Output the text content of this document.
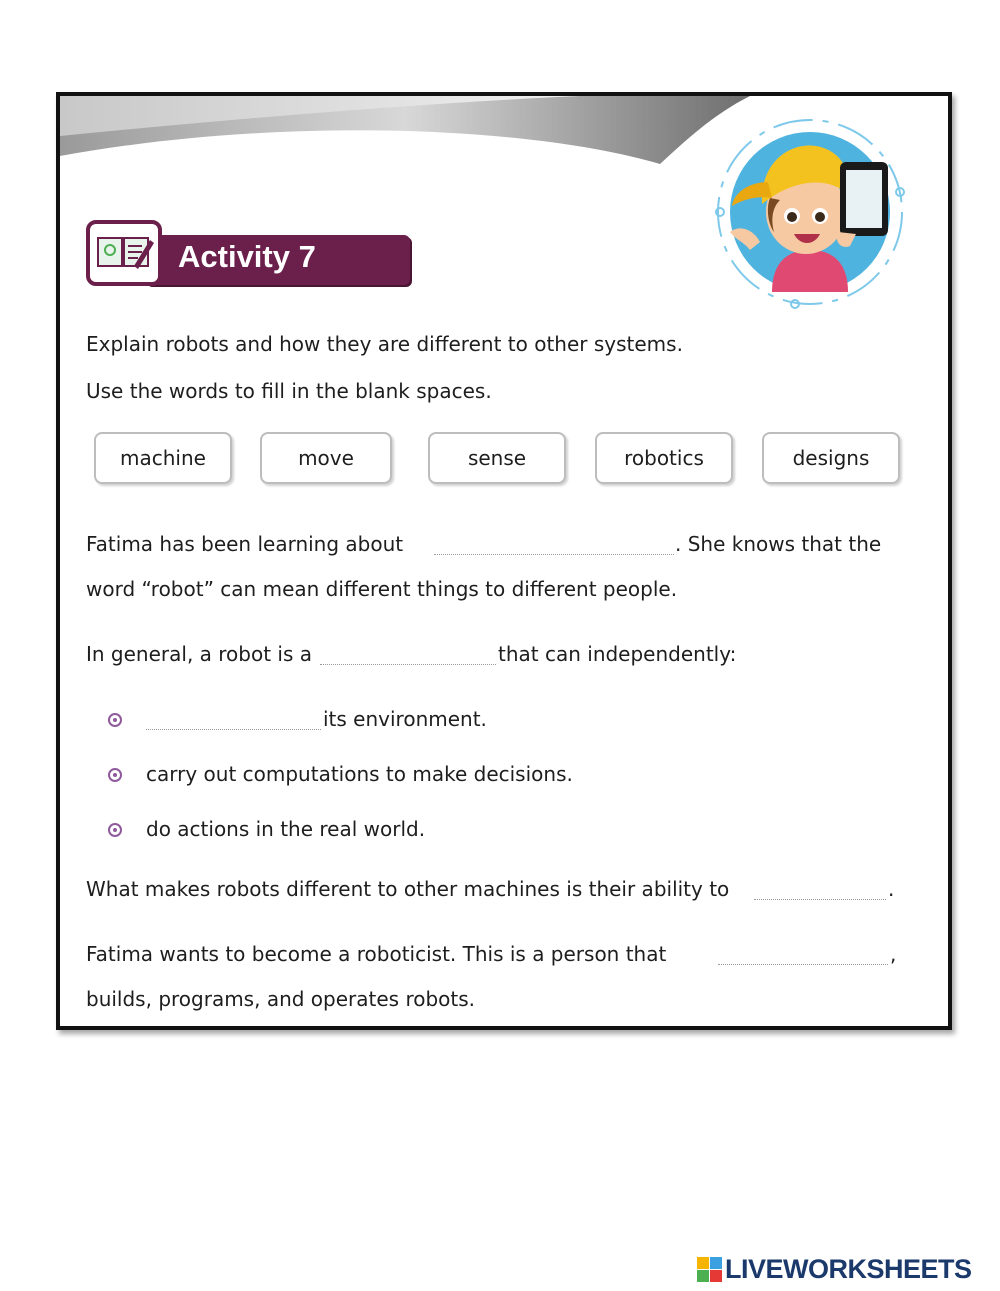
Activity 7
Explain robots and how they are different to other systems.
Use the words to fill in the blank spaces.
machine	move	sense	robotics	designs
Fatima has been learning about	. She knows that the
word “robot” can mean different things to different people.
In general, a robot is a	that can independently:
its environment.
carry out computations to make decisions.
do actions in the real world.
What makes robots different to other machines is their ability to	.
Fatima wants to become a roboticist. This is a person that	,
builds, programs, and operates robots.
LIVEWORKSHEETS
